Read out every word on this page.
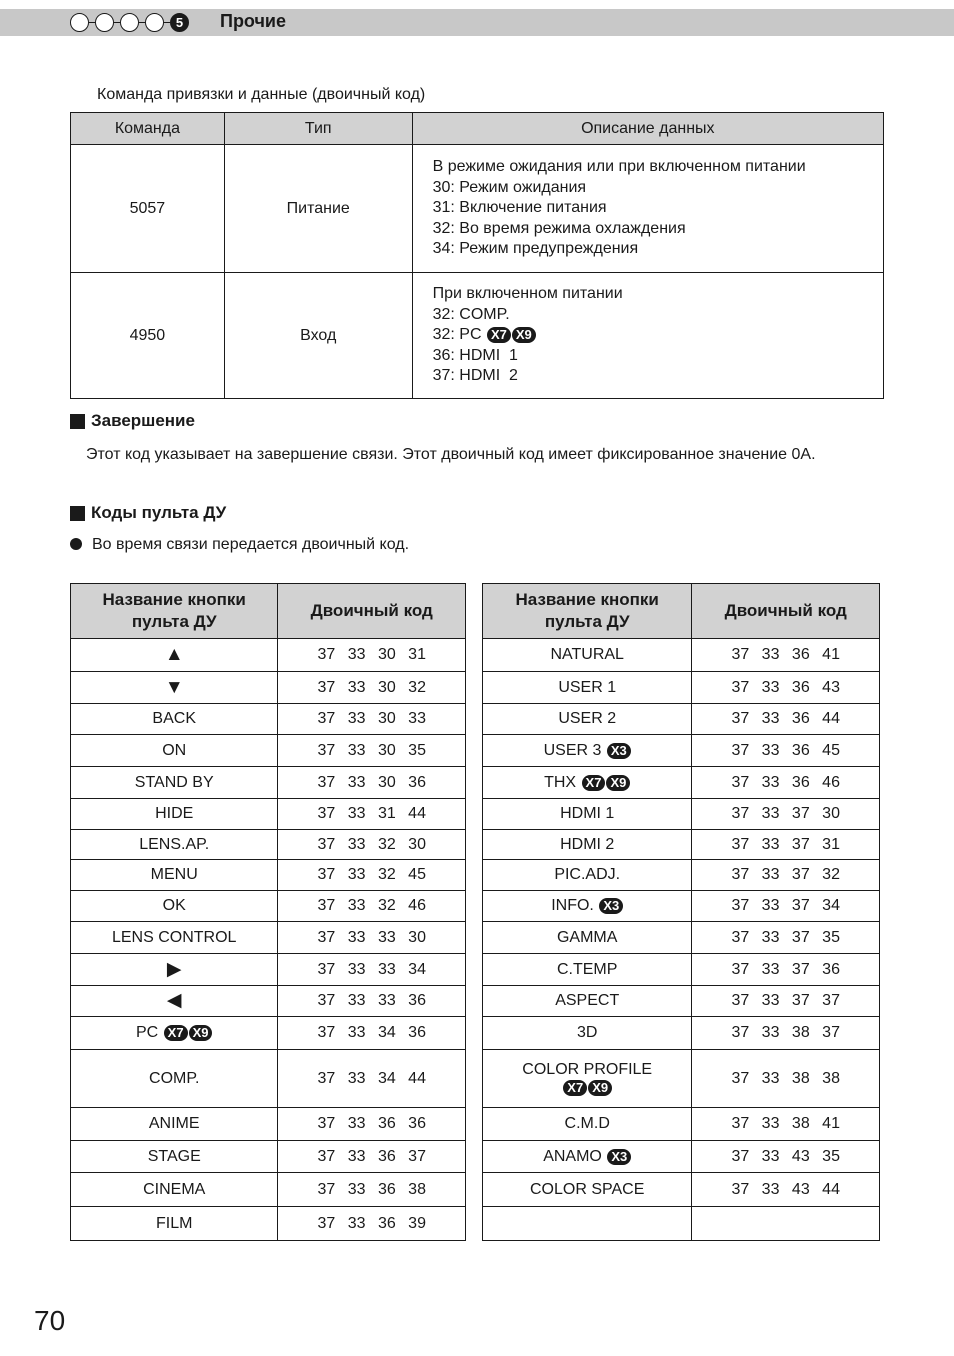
5	Прочие
Команда привязки и данные (двоичный код)
Команда	Тип	Описание данных
5057	Питание	В режиме ожидания или при включенном питании
30: Режим ожидания
31: Включение питания
32: Во время режима охлаждения
34: Режим предупреждения

4950	Вход	При включенном питании
32: COMP.
32: PC X7 X9
36: HDMI  1
37: HDMI  2
Завершение
Этот код указывает на завершение связи. Этот двоичный код имеет фиксированное значение 0A.
Коды пульта ДУ
Во время связи передается двоичный код.
Название кнопки
пульта ДУ	Двоичный код
▲	37 33 30 31
▼	37 33 30 32
BACK	37 33 30 33
ON	37 33 30 35
STAND BY	37 33 30 36
HIDE	37 33 31 44
LENS.AP.	37 33 32 30
MENU	37 33 32 45
OK	37 33 32 46
LENS CONTROL	37 33 33 30
▶	37 33 33 34
◀	37 33 33 36
PC X7 X9	37 33 34 36
COMP.	37 33 34 44
ANIME	37 33 36 36
STAGE	37 33 36 37
CINEMA	37 33 36 38
FILM	37 33 36 39
Название кнопки
пульта ДУ	Двоичный код
NATURAL	37 33 36 41
USER 1	37 33 36 43
USER 2	37 33 36 44
USER 3 X3	37 33 36 45
THX X7 X9	37 33 36 46
HDMI 1	37 33 37 30
HDMI 2	37 33 37 31
PIC.ADJ.	37 33 37 32
INFO. X3	37 33 37 34
GAMMA	37 33 37 35
C.TEMP	37 33 37 36
ASPECT	37 33 37 37
3D	37 33 38 37
COLOR PROFILE
X7 X9	37 33 38 38
C.M.D	37 33 38 41
ANAMO X3	37 33 43 35
COLOR SPACE	37 33 43 44

70
